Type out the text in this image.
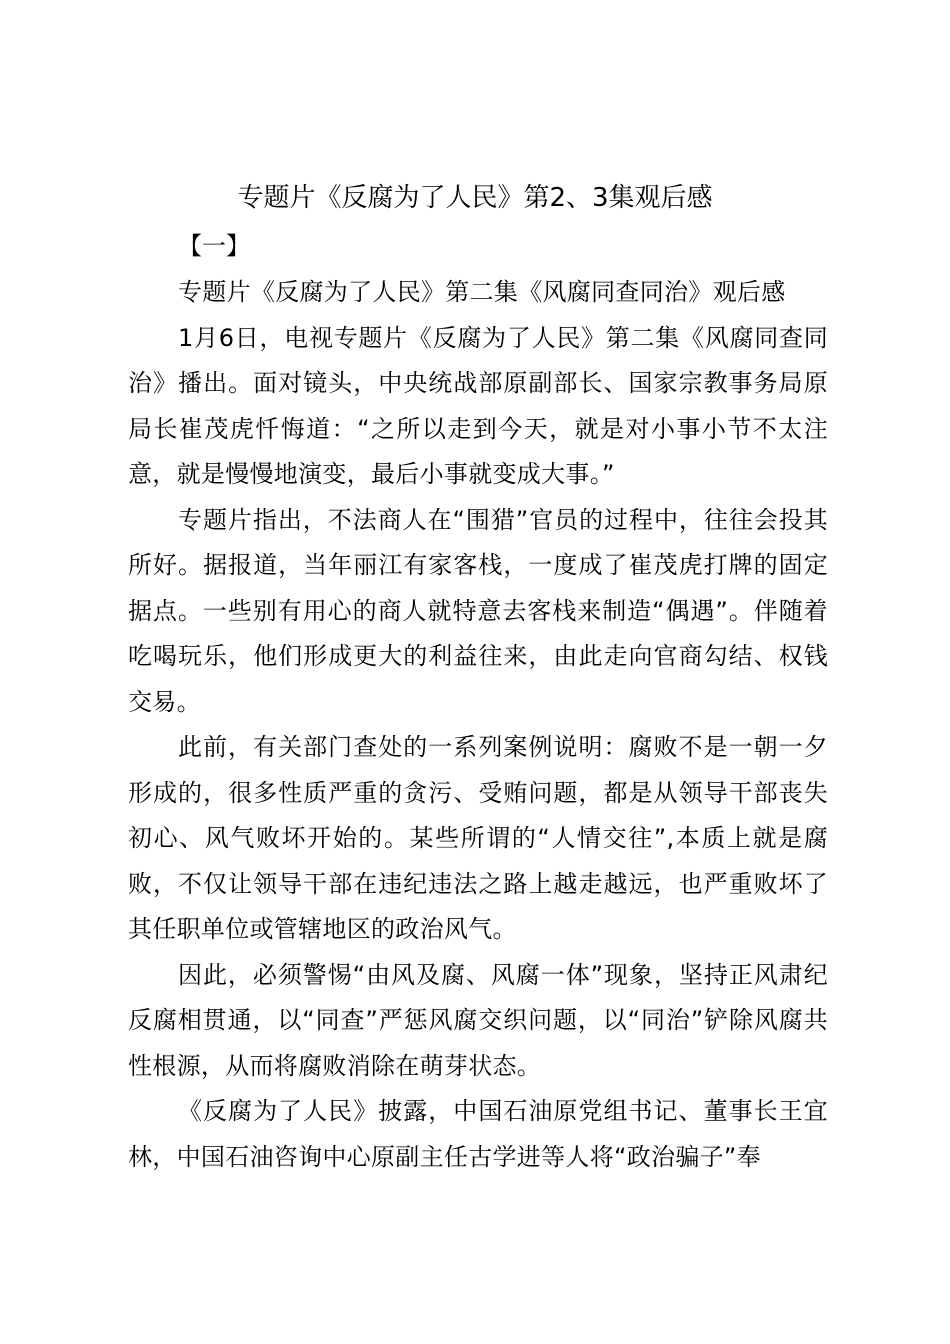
专题片《反腐为了人民》第2、3集观后感
【一】

专题片《反腐为了人民》第二集《风腐同查同治》观后感

1月6日，电视专题片《反腐为了人民》第二集《风腐同查同治》播出。面对镜头，中央统战部原副部长、国家宗教事务局原局长崔茂虎忏悔道：“之所以走到今天，就是对小事小节不太注意，就是慢慢地演变，最后小事就变成大事。”

专题片指出，不法商人在“围猎”官员的过程中，往往会投其所好。据报道，当年丽江有家客栈，一度成了崔茂虎打牌的固定据点。一些别有用心的商人就特意去客栈来制造“偶遇”。伴随着吃喝玩乐，他们形成更大的利益往来，由此走向官商勾结、权钱交易。

此前，有关部门查处的一系列案例说明：腐败不是一朝一夕形成的，很多性质严重的贪污、受贿问题，都是从领导干部丧失初心、风气败坏开始的。某些所谓的“人情交往”,本质上就是腐败，不仅让领导干部在违纪违法之路上越走越远，也严重败坏了其任职单位或管辖地区的政治风气。

因此，必须警惕“由风及腐、风腐一体”现象，坚持正风肃纪反腐相贯通，以“同查”严惩风腐交织问题，以“同治”铲除风腐共性根源，从而将腐败消除在萌芽状态。

《反腐为了人民》披露，中国石油原党组书记、董事长王宜林，中国石油咨询中心原副主任古学进等人将“政治骗子”奉
